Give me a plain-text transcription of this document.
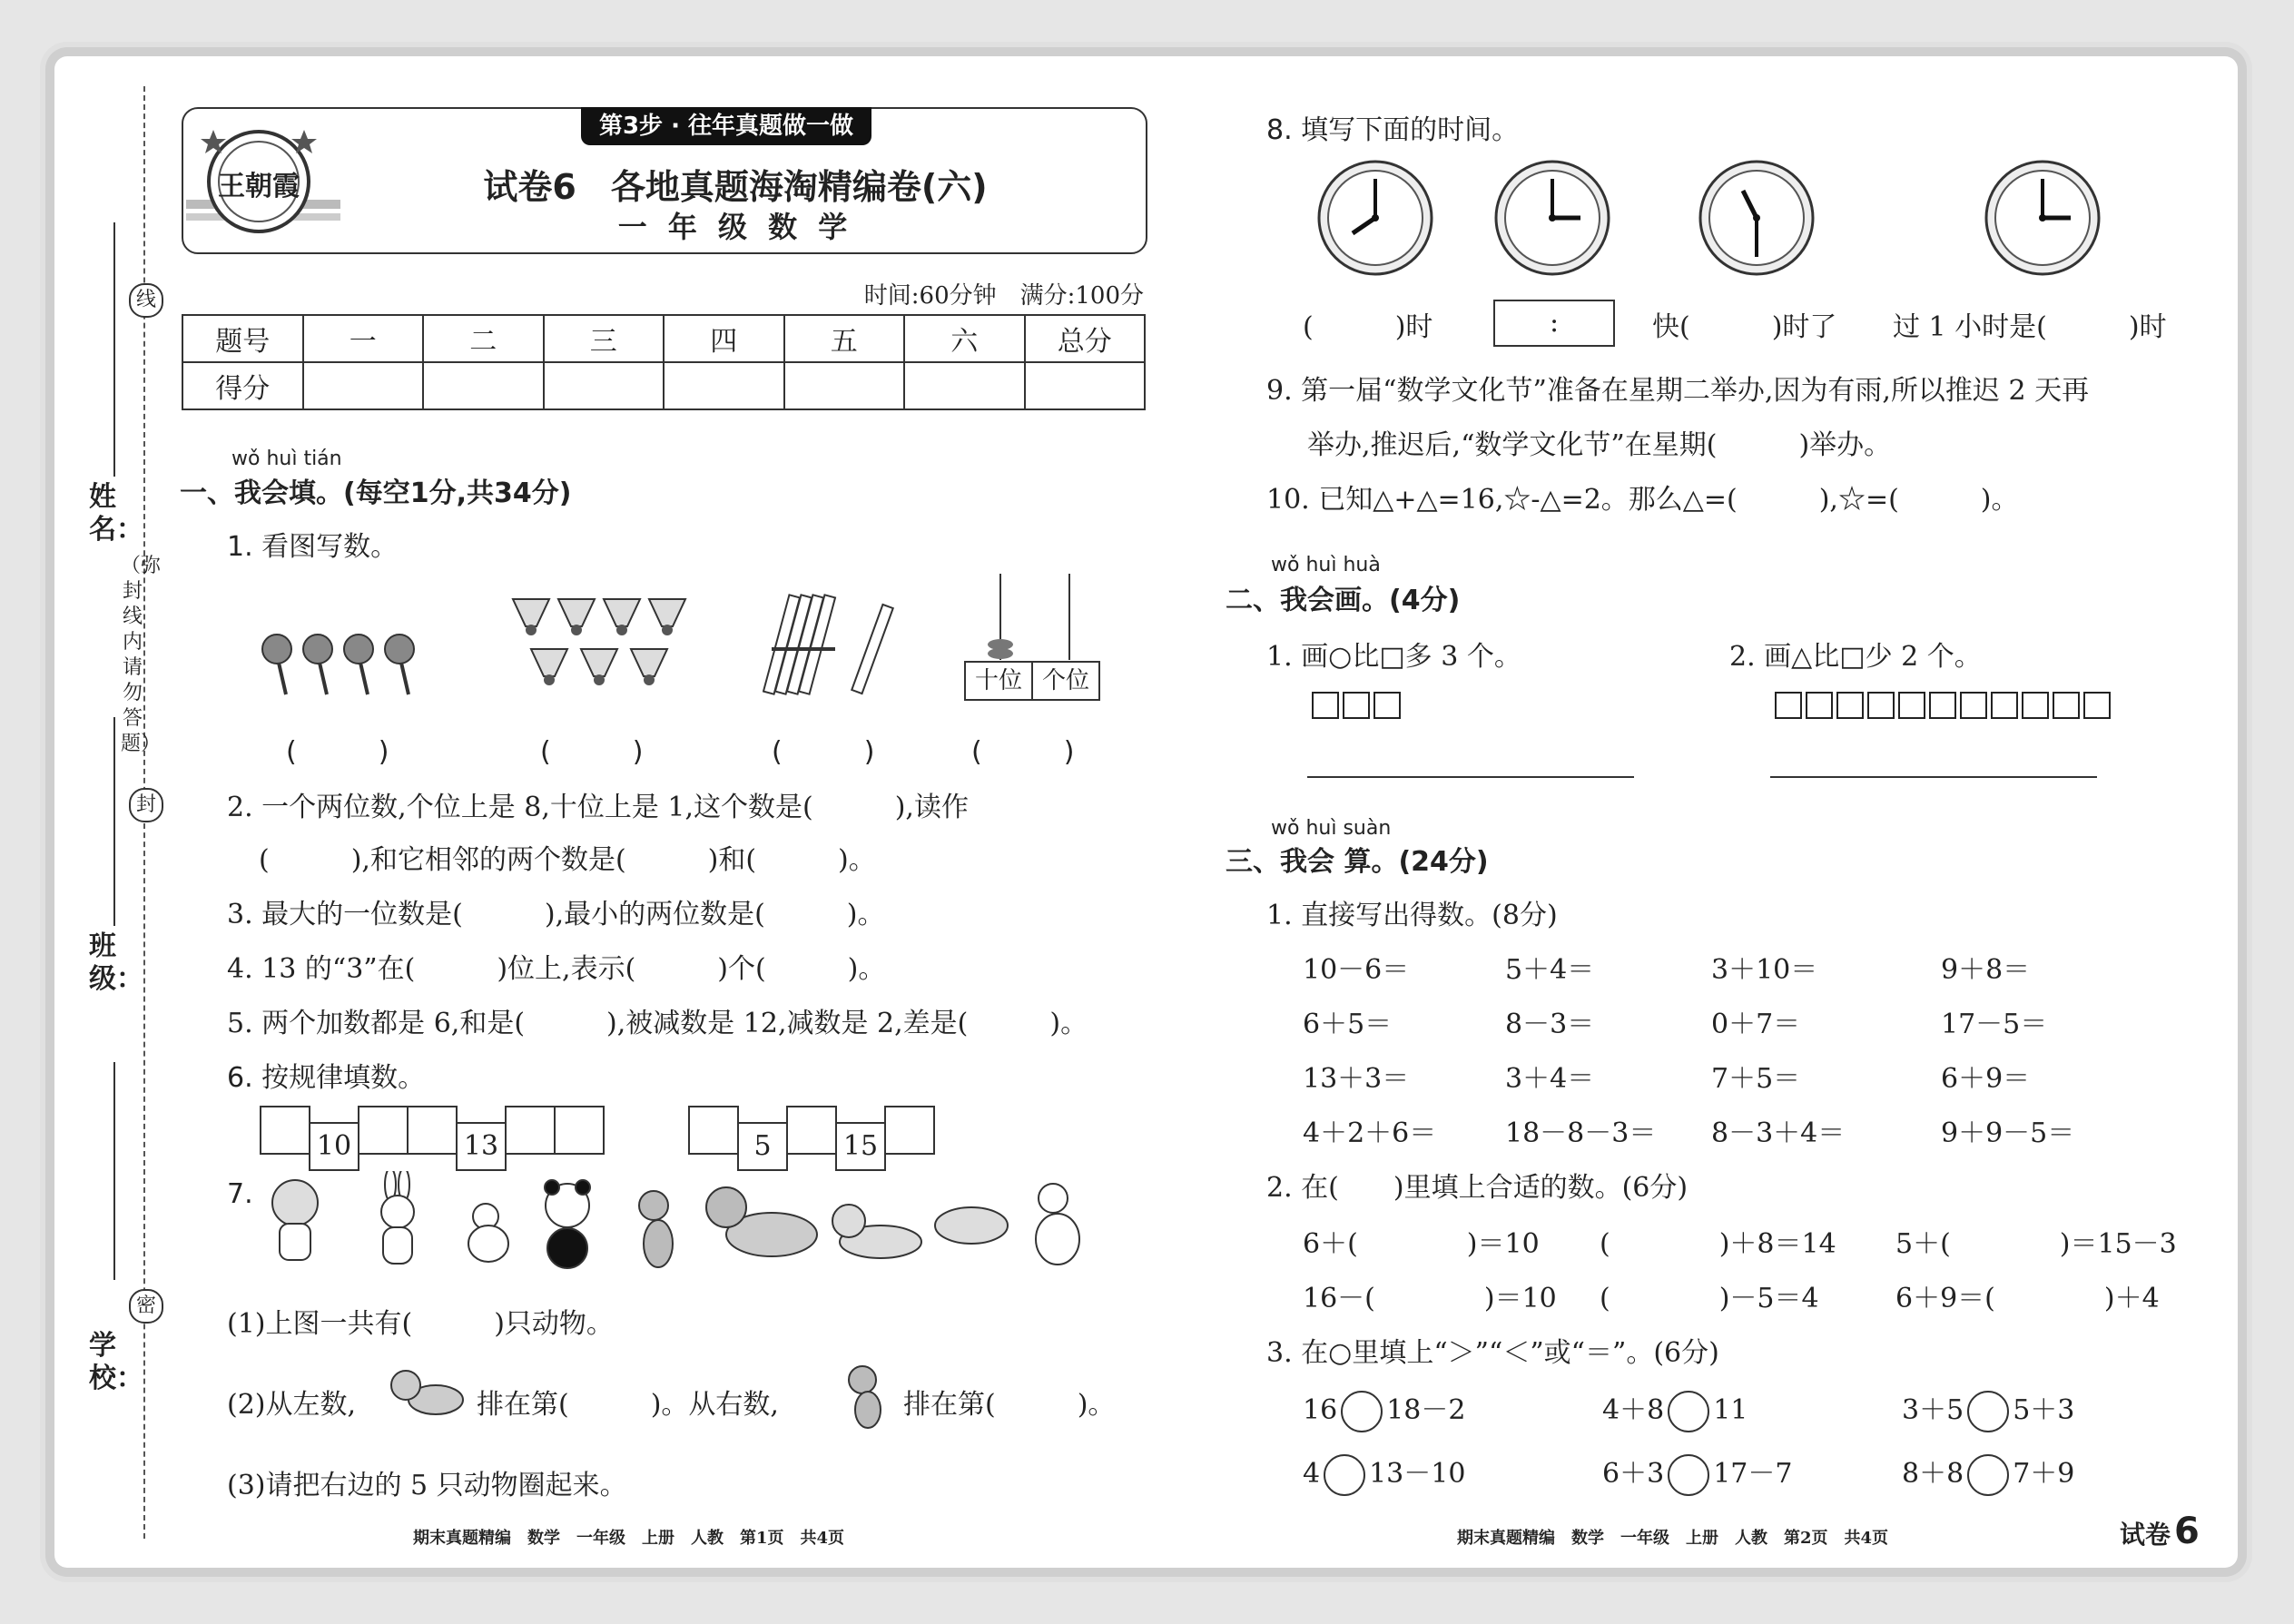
姓名：
班级：
学校：
线
封
密
（弥封线内请勿答题）
第3步 · 往年真题做一做
王朝霞	试卷6　各地真题海淘精编卷(六)
一 年 级 数 学
时间:60分钟　满分:100分
题号	一	二	三	四	五	六	总分
得分							
wǒ huì tián
一、我会填。(每空1分,共34分)
1. 看图写数。
十位 个位
(　　　)	(　　　)	(　　　)	(　　　)
2. 一个两位数,个位上是 8,十位上是 1,这个数是(　　　),读作
(　　　),和它相邻的两个数是(　　　)和(　　　)。
3. 最大的一位数是(　　　),最小的两位数是(　　　)。
4. 13 的“3”在(　　　)位上,表示(　　　)个(　　　)。
5. 两个加数都是 6,和是(　　　),被减数是 12,减数是 2,差是(　　　)。
6. 按规律填数。
10	13	5	15
7.
(1)上图一共有(　　　)只动物。
(2)从左数,	排在第(　　　)。从右数,	排在第(　　　)。
(3)请把右边的 5 只动物圈起来。
期末真题精编　数学　一年级　上册　人教　第1页　共4页
8. 填写下面的时间。
(　　　)时	:	快(　　　)时了 过 1 小时是(　　　)时
9. 第一届“数学文化节”准备在星期二举办,因为有雨,所以推迟 2 天再
举办,推迟后,“数学文化节”在星期(　　　)举办。
10. 已知△+△=16,☆-△=2。那么△=(　　　),☆=(　　　)。
wǒ huì huà
二、我会画。(4分)
1. 画○比□多 3 个。	2. 画△比□少 2 个。
wǒ huì suàn
三、我会 算。(24分)
1. 直接写出得数。(8分)
10－6＝	5＋4＝	3＋10＝	9＋8＝
6＋5＝	8－3＝	0＋7＝	17－5＝
13＋3＝	3＋4＝	7＋5＝	6＋9＝
4＋2＋6＝	18－8－3＝ 8－3＋4＝	9＋9－5＝
2. 在(　　)里填上合适的数。(6分)
6＋(　　　　)＝10 (　　　　)＋8＝14 5＋(　　　　)＝15－3
16－(　　　　)＝10 (　　　　)－5＝4	6＋9＝(　　　　)＋4
3. 在○里填上“＞”“＜”或“＝”。(6分)
16 18－2	4＋8 11	3＋5 5＋3
4 13－10	6＋3 17－7	8＋8 7＋9
期末真题精编　数学　一年级　上册　人教　第2页　共4页	试卷 6
